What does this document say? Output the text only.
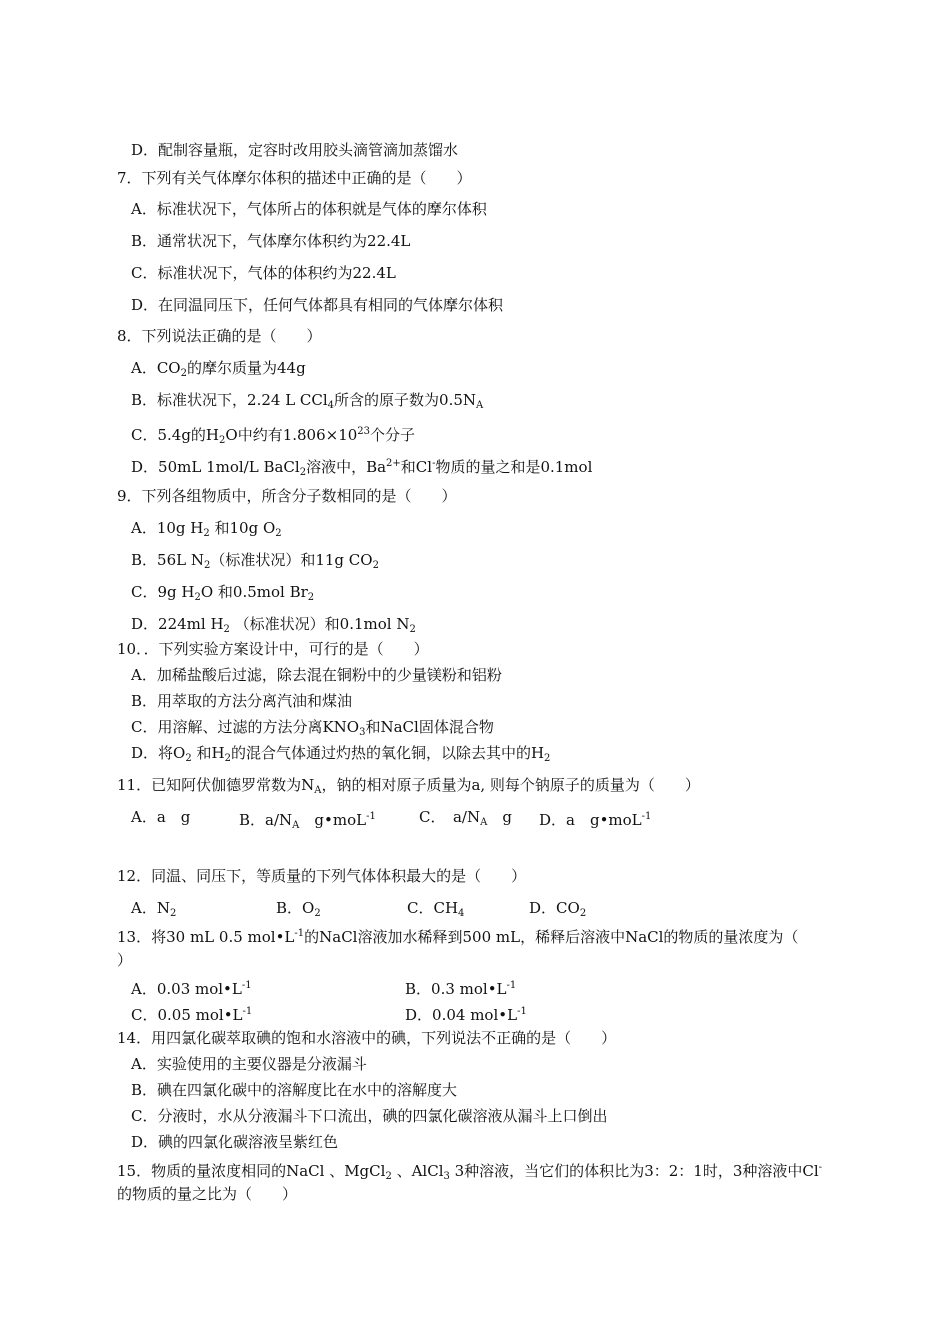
D．配制容量瓶，定容时改用胶头滴管滴加蒸馏水
7．下列有关气体摩尔体积的描述中正确的是（　　）
A．标准状况下，气体所占的体积就是气体的摩尔体积
B．通常状况下，气体摩尔体积约为22.4L
C．标准状况下，气体的体积约为22.4L
D．在同温同压下，任何气体都具有相同的气体摩尔体积
8．下列说法正确的是（　　）
A．$CO_2$的摩尔质量为44g
B．标准状况下，2.24 L CCl$_4$所含的原子数为$0.5N_A$
C．5.4g的$H_2O$中约有$1.806\times 10^{23}$个分子
D．50mL 1mol/L BaCl$_2$溶液中，$Ba^{2+}$和Cl-物质的量之和是0.1mol
9．下列各组物质中，所含分子数相同的是（　　）
A．10g $H_2$ 和10g $O_2$
B．56L $N_2$（标准状况）和11g $CO_2$
C．9g $H_2O$ 和0.5mol $Br_2$
D．224ml $H_2$ （标准状况）和0.1mol $N_2$
10．．下列实验方案设计中，可行的是（　　）
A．加稀盐酸后过滤，除去混在铜粉中的少量镁粉和铝粉
B．用萃取的方法分离汽油和煤油
C．用溶解、过滤的方法分离$KNO_3$和NaCl固体混合物
D．将$O_2$ 和$H_2$的混合气体通过灼热的氧化铜，以除去其中的$H_2$
11．已知阿伏伽德罗常数为$N_A$，钠的相对原子质量为a, 则每个钠原子的质量为（　　）
A．a　g	B．$a/N_A$　g•moL$^{-1}$	C．　$a/N_A$　g D．a　g•moL$^{-1}$
12．同温、同压下，等质量的下列气体体积最大的是（　　）
A．$N_2$	B．$O_2$	C．$CH_4$	D．$CO_2$
13．将30 mL 0.5 $mol•L^{-1}$的NaCl溶液加水稀释到500 mL，稀释后溶液中NaCl的物质的量浓度为（
）
A．0.03 $mol•L^{-1}$	B．0.3 $mol•L^{-1}$
C．0.05 $mol•L^{-1}$	D．0.04 $mol•L^{-1}$
14．用四氯化碳萃取碘的饱和水溶液中的碘，下列说法不正确的是（　　）
A．实验使用的主要仪器是分液漏斗
B．碘在四氯化碳中的溶解度比在水中的溶解度大
C．分液时，水从分液漏斗下口流出，碘的四氯化碳溶液从漏斗上口倒出
D．碘的四氯化碳溶液呈紫红色
15．物质的量浓度相同的NaCl 、MgCl$_2$ 、AlCl$_3$ 3种溶液，当它们的体积比为3：2：1时，3种溶液中Cl-
的物质的量之比为（　　）
